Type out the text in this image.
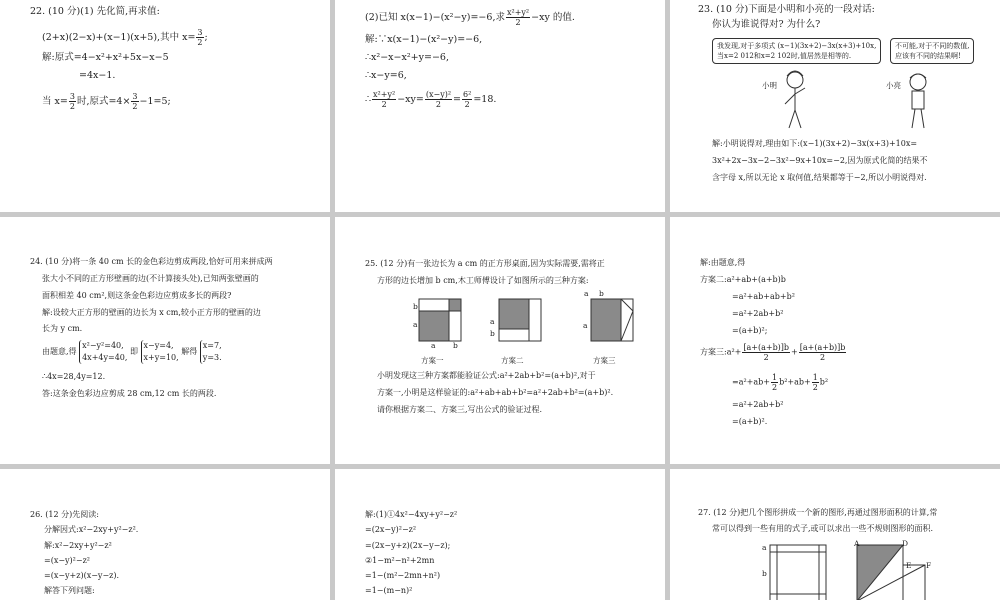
22. (10 分)(1) 先化简,再求值:
(2+x)(2−x)+(x−1)(x+5),其中 $x= \frac{3}{2}$ ;
解:原式=4−x²+x²+5x−x−5
=4x−1.
当 $x= \frac{3}{2}$ 时,原式$=4\times \frac{3}{2} -1=5$;
(2)已知 x(x−1)−(x²−y)=−6,求 $\frac{\text{x²+y²}}{2} -xy$ 的值.
解:∵x(x−1)−(x²−y)=−6,
∴x²−x−x²+y=−6,
∴x−y=6,
∴ $\frac{\text{x²+y²}}{2} -xy= \frac{\text{(x−y)²}}{2} = \frac{\text{6²}}{2} =18$.
23. (10 分)下面是小明和小亮的一段对话:
你认为谁说得对? 为什么?
我发现,对于多项式 (x−1)(3x+2)−3x(x+3)+10x,
当x=2 012和x=2 102时,值居然是相等的.
不可能,对于不同的数值,
应该有不同的结果啊!
小明	小亮
解:小明说得对,理由如下:(x−1)(3x+2)−3x(x+3)+10x=
3x²+2x−3x−2−3x²−9x+10x=−2,因为原式化简的结果不
含字母 x,所以无论 x 取何值,结果都等于−2,所以小明说得对.
24. (10 分)将一条 40 cm 长的金色彩边剪成两段,恰好可用来拼成两
张大小不同的正方形壁画的边(不计算接头处),已知两张壁画的
面积相差 40 cm²,则这条金色彩边应剪成多长的两段?
解:设较大正方形的壁画的边长为 x cm,较小正方形的壁画的边
长为 y cm.
由题意,得
x²−y²=40,
4x+4y=40,
即
x−y=4,
x+y=10,
解得
x=7,
y=3.
∴4x=28,4y=12.
答:这条金色彩边应剪成 28 cm,12 cm 长的两段.
25. (12 分)有一张边长为 a cm 的正方形桌面,因为实际需要,需将正
方形的边长增加 b cm,木工师傅设计了如图所示的三种方案:
b
a
a b
a
b
a b
a
方案一	方案二	方案三
小明发现这三种方案都能验证公式:a²+2ab+b²=(a+b)²,对于
方案一,小明是这样验证的:a²+ab+ab+b²=a²+2ab+b²=(a+b)².
请你根据方案二、方案三,写出公式的验证过程.
解:由题意,得
方案二:a²+ab+(a+b)b
=a²+ab+ab+b²
=a²+2ab+b²
=(a+b)²;
方案三:a²+ $\frac{[a+(a+b)]b}{2} + \frac{[a+(a+b)]b}{2}$
$=a^2+ab+ \frac{1}{2} b^2+ab+ \frac{1}{2} b^2$
=a²+2ab+b²
=(a+b)².
26. (12 分)先阅读:
分解因式:x²−2xy+y²−z².
解:x²−2xy+y²−z²
=(x−y)²−z²
=(x−y+z)(x−y−z).
解答下列问题:
解:(1)①4x²−4xy+y²−z²
=(2x−y)²−z²
=(2x−y+z)(2x−y−z);
②1−m²−n²+2mn
=1−(m²−2mn+n²)
=1−(m−n)²
27. (12 分)把几个图形拼成一个新的图形,再通过图形面积的计算,常
常可以得到一些有用的式子,或可以求出一些不规则图形的面积.
a
b
A	D
E F
